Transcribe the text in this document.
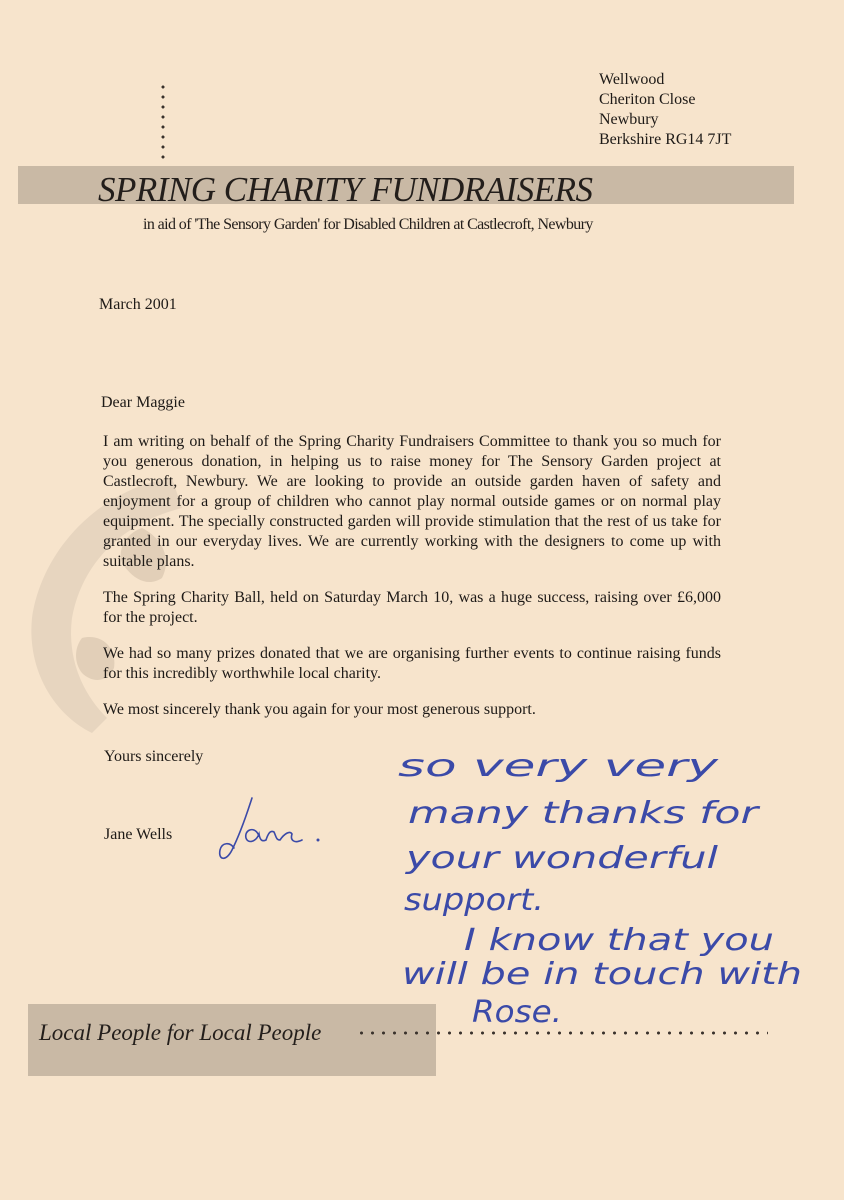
Wellwood
Cheriton Close
Newbury
Berkshire RG14 7JT
SPRING CHARITY FUNDRAISERS
in aid of 'The Sensory Garden' for Disabled Children at Castlecroft, Newbury
March 2001
Dear Maggie

I am writing on behalf of the Spring Charity Fundraisers Committee to thank you so much for you generous donation, in helping us to raise money for The Sensory Garden project at Castlecroft, Newbury. We are looking to provide an outside garden haven of safety and enjoyment for a group of children who cannot play normal outside games or on normal play equipment. The specially constructed garden will provide stimulation that the rest of us take for granted in our everyday lives. We are currently working with the designers to come up with suitable plans.

The Spring Charity Ball, held on Saturday March 10, was a huge success, raising over £6,000 for the project.

We had so many prizes donated that we are organising further events to continue raising funds for this incredibly worthwhile local charity.

We most sincerely thank you again for your most generous support.

Yours sincerely
Jane Wells
Jane.
so very very
many thanks for
your wonderful
support.
I know that you
will be in touch with
Rose.
Local People for Local People
